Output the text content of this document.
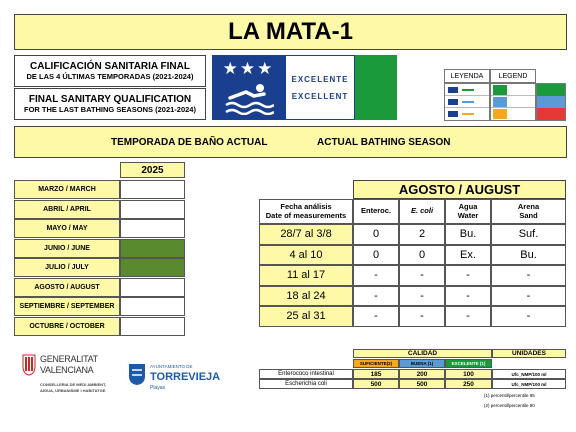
LA MATA-1
CALIFICACIÓN SANITARIA FINAL
DE LAS 4 ÚLTIMAS TEMPORADAS (2021-2024)
FINAL SANITARY QUALIFICATION
FOR THE LAST BATHING SEASONS (2021-2024)
★★★
EXCELENTE
EXCELLENT
LEYENDA	LEGEND
TEMPORADA DE BAÑO ACTUAL	ACTUAL BATHING SEASON
2025
MARZO / MARCH
ABRIL / APRIL
MAYO / MAY
JUNIO / JUNE
JULIO / JULY
AGOSTO / AUGUST
SEPTIEMBRE / SEPTEMBER
OCTUBRE / OCTOBER
AGOSTO / AUGUST
Fecha análisis
Date of measurements	Enteroc.	E. coli	Agua
Water
Arena
Sand
28/7 al 3/8	0	2	Bu.	Suf.
4 al 10	0	0	Ex.	Bu.
11 al 17	-	-	-	-
18 al 24	-	-	-	-
25 al 31	-	-	-	-
GENERALITAT
VALENCIANA
CONSELLERIA DE MEDI AMBIENT,
AIGUA, URBANISME I HABITATGE
AYUNTAMIENTO DE
TORREVIEJA
Playas
CALIDAD	UNIDADES
SUFICIENTE(2)	BUENA (1)	EXCELENTE (1)
Enterococo intestinal	185	200	100	Ufc_NMP/100 ml
Escherichia coli	500	500	250	Ufc_NMP/100 ml
(1) percentil/percentile 95
(2) percentil/percentile 90
